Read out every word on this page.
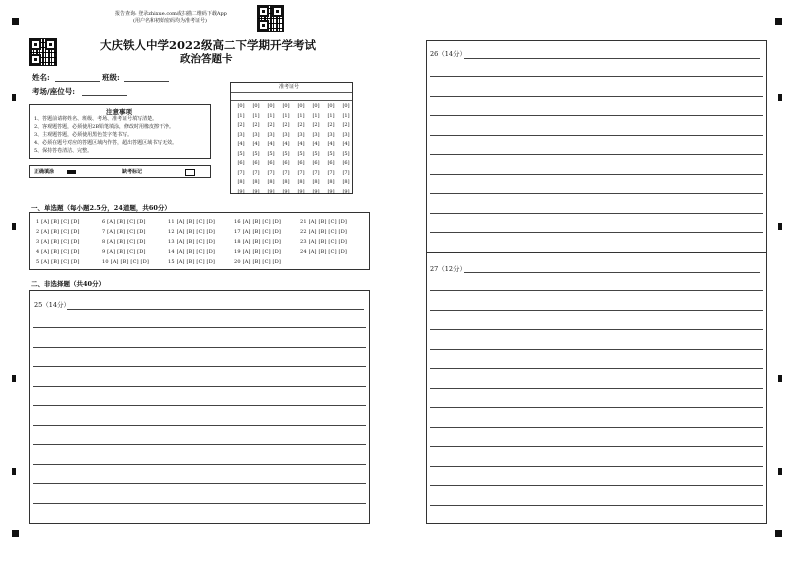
报告查询: 登录zhixue.com或扫描二维码下载App
(用户名和初始密码均为准考证号)
大庆铁人中学2022级高二下学期开学考试
政治答题卡
姓名:	班级:
考场/座位号:
注意事项
1、答题前请将姓名、班级、考场、准考证号填写清楚。
2、客观题答题，必须使用2B铅笔填涂，修改时用橡皮擦干净。
3、主观题答题，必须使用黑色签字笔书写。
4、必须在题号对应的答题区域内作答，超出答题区域书写无效。
5、保持答卷清洁、完整。
正确填涂	缺考标记
准考证号
[0]
[1]
[2]
[3]
[4]
[5]
[6]
[7]
[8]
[9]
[0]
[1]
[2]
[3]
[4]
[5]
[6]
[7]
[8]
[9]
[0]
[1]
[2]
[3]
[4]
[5]
[6]
[7]
[8]
[9]
[0]
[1]
[2]
[3]
[4]
[5]
[6]
[7]
[8]
[9]
[0]
[1]
[2]
[3]
[4]
[5]
[6]
[7]
[8]
[9]
[0]
[1]
[2]
[3]
[4]
[5]
[6]
[7]
[8]
[9]
[0]
[1]
[2]
[3]
[4]
[5]
[6]
[7]
[8]
[9]
[0]
[1]
[2]
[3]
[4]
[5]
[6]
[7]
[8]
[9]
一、单选题（每小题2.5分，24道题，共60分）
1 [A] [B] [C] [D]
2 [A] [B] [C] [D]
3 [A] [B] [C] [D]
4 [A] [B] [C] [D]
5 [A] [B] [C] [D]
6 [A] [B] [C] [D]
7 [A] [B] [C] [D]
8 [A] [B] [C] [D]
9 [A] [B] [C] [D]
10 [A] [B] [C] [D]
11 [A] [B] [C] [D]
12 [A] [B] [C] [D]
13 [A] [B] [C] [D]
14 [A] [B] [C] [D]
15 [A] [B] [C] [D]
16 [A] [B] [C] [D]
17 [A] [B] [C] [D]
18 [A] [B] [C] [D]
19 [A] [B] [C] [D]
20 [A] [B] [C] [D]
21 [A] [B] [C] [D]
22 [A] [B] [C] [D]
23 [A] [B] [C] [D]
24 [A] [B] [C] [D]
二、非选择题（共40分）
25（14分）
26（14分）
27（12分）
